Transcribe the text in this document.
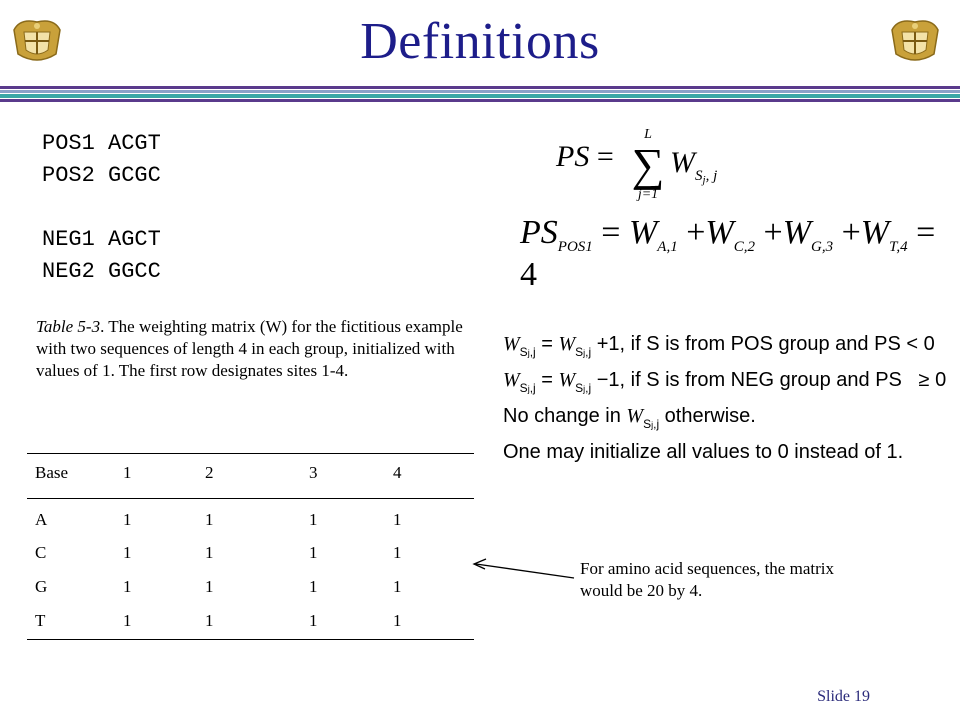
Definitions
POS1 ACGT
POS2 GCGC
NEG1 AGCT
NEG2 GGCC
PS =
L
∑
j=1
$W_{S_j, j}$
$PS_{POS1} = W_{A,1} +W_{C,2} +W_{G,3} +W_{T,4} = 4$
$W_{Sj,j} = W_{Sj,j} +1$, if S is from POS group and PS < 0
$W_{Sj,j} = W_{Sj,j} -1$, if S is from NEG group and PS   ≥ 0
No change in $W_{Sj,j}$ otherwise.
One may initialize all values to 0 instead of 1.
Table 5-3. The weighting matrix (W) for the fictitious example with two sequences of length 4 in each group, initialized with values of 1. The first row designates sites 1-4.
Base	1	2	3	4
A	1	1	1	1
C	1	1	1	1
G	1	1	1	1
T	1	1	1	1
For amino acid sequences, the matrix would be 20 by 4.
Slide 19
